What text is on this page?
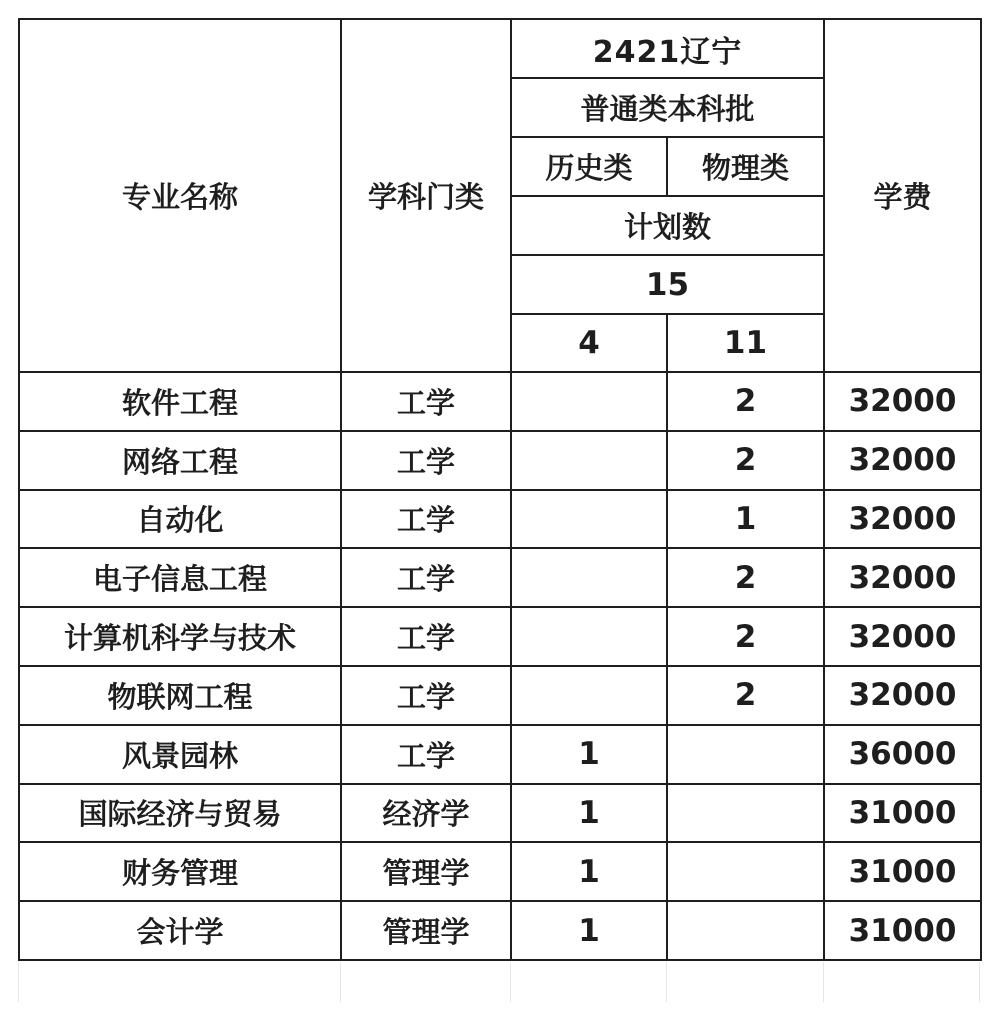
专业名称	学科门类	2421辽宁		学费
		普通类本科批		
		历史类	物理类	
		计划数		
		15		
		4	11	
软件工程	工学		2	32000
网络工程	工学		2	32000
自动化	工学		1	32000
电子信息工程	工学		2	32000
计算机科学与技术	工学		2	32000
物联网工程	工学		2	32000
风景园林	工学	1		36000
国际经济与贸易	经济学	1		31000
财务管理	管理学	1		31000
会计学	管理学	1		31000
